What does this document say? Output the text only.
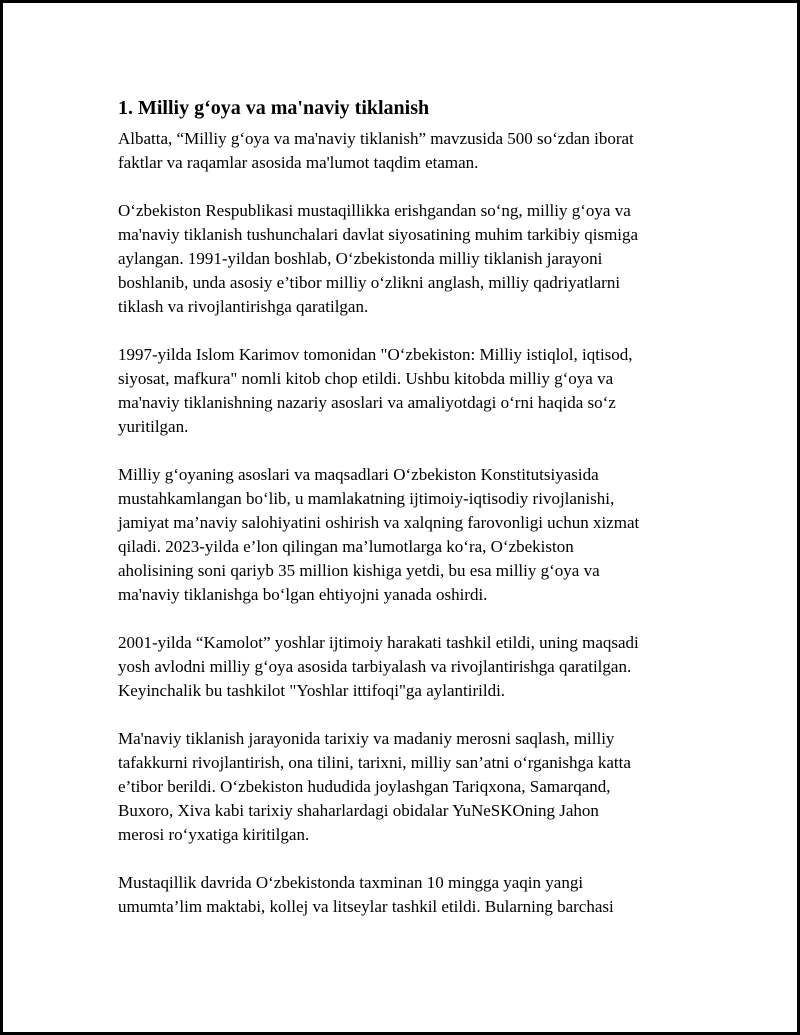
1. Milliy g‘oya va ma'naviy tiklanish

Albatta, “Milliy g‘oya va ma'naviy tiklanish” mavzusida 500 so‘zdan iborat
faktlar va raqamlar asosida ma'lumot taqdim etaman.

O‘zbekiston Respublikasi mustaqillikka erishgandan so‘ng, milliy g‘oya va
ma'naviy tiklanish tushunchalari davlat siyosatining muhim tarkibiy qismiga
aylangan. 1991-yildan boshlab, O‘zbekistonda milliy tiklanish jarayoni
boshlanib, unda asosiy e’tibor milliy o‘zlikni anglash, milliy qadriyatlarni
tiklash va rivojlantirishga qaratilgan.

1997-yilda Islom Karimov tomonidan "O‘zbekiston: Milliy istiqlol, iqtisod,
siyosat, mafkura" nomli kitob chop etildi. Ushbu kitobda milliy g‘oya va
ma'naviy tiklanishning nazariy asoslari va amaliyotdagi o‘rni haqida so‘z
yuritilgan.

Milliy g‘oyaning asoslari va maqsadlari O‘zbekiston Konstitutsiyasida
mustahkamlangan bo‘lib, u mamlakatning ijtimoiy-iqtisodiy rivojlanishi,
jamiyat ma’naviy salohiyatini oshirish va xalqning farovonligi uchun xizmat
qiladi. 2023-yilda e’lon qilingan ma’lumotlarga ko‘ra, O‘zbekiston
aholisining soni qariyb 35 million kishiga yetdi, bu esa milliy g‘oya va
ma'naviy tiklanishga bo‘lgan ehtiyojni yanada oshirdi.

2001-yilda “Kamolot” yoshlar ijtimoiy harakati tashkil etildi, uning maqsadi
yosh avlodni milliy g‘oya asosida tarbiyalash va rivojlantirishga qaratilgan.
Keyinchalik bu tashkilot "Yoshlar ittifoqi"ga aylantirildi.

Ma'naviy tiklanish jarayonida tarixiy va madaniy merosni saqlash, milliy
tafakkurni rivojlantirish, ona tilini, tarixni, milliy san’atni o‘rganishga katta
e’tibor berildi. O‘zbekiston hududida joylashgan Tariqxona, Samarqand,
Buxoro, Xiva kabi tarixiy shaharlardagi obidalar YuNeSKOning Jahon
merosi ro‘yxatiga kiritilgan.

Mustaqillik davrida O‘zbekistonda taxminan 10 mingga yaqin yangi
umumta’lim maktabi, kollej va litseylar tashkil etildi. Bularning barchasi
